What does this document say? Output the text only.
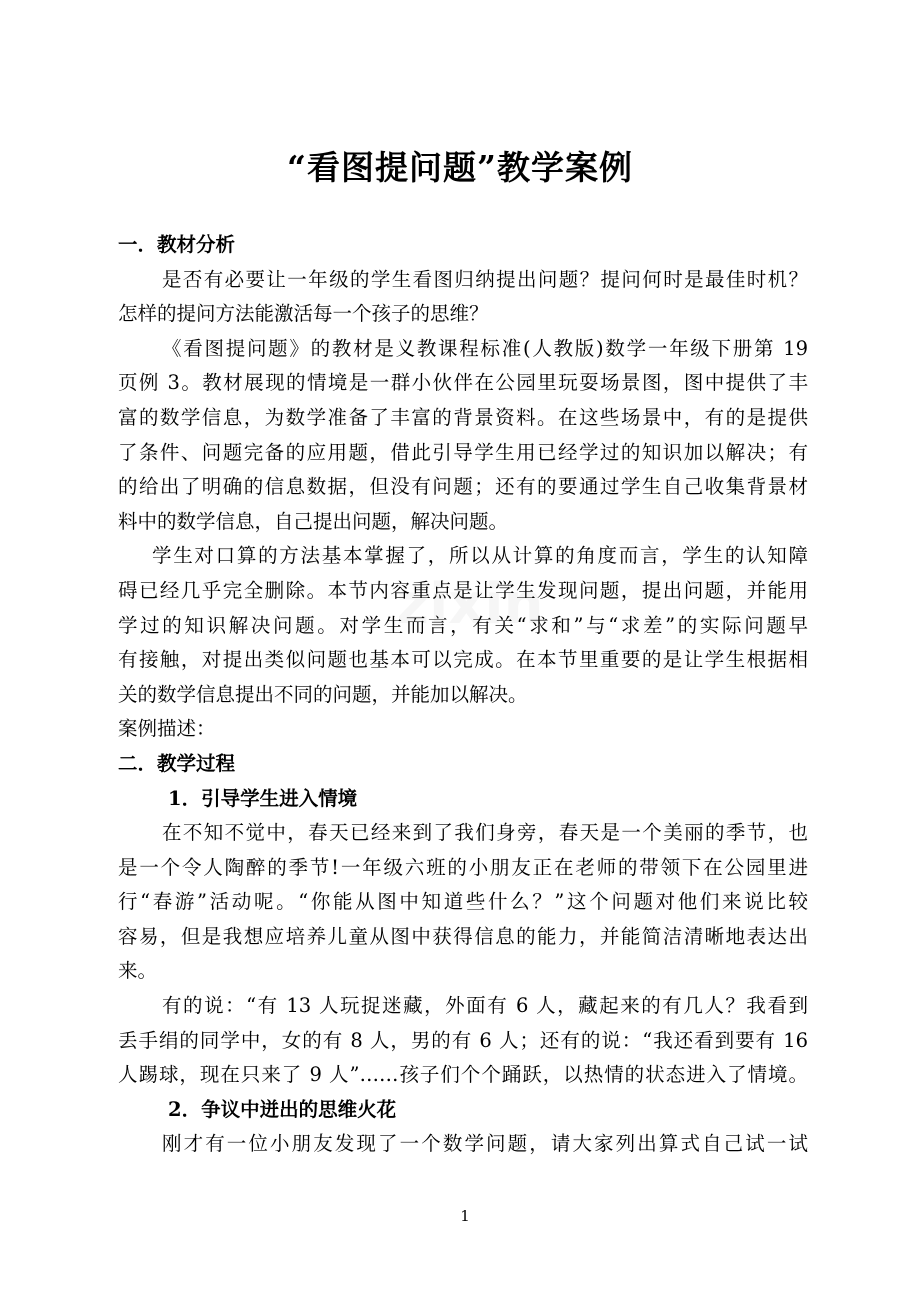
“看图提问题”教学案例
一．教材分析
是否有必要让一年级的学生看图归纳提出问题？提问何时是最佳时机？
怎样的提问方法能激活每一个孩子的思维？
《看图提问题》的教材是义教课程标准(人教版)数学一年级下册第 19
页例 3。教材展现的情境是一群小伙伴在公园里玩耍场景图，图中提供了丰
富的数学信息，为数学准备了丰富的背景资料。在这些场景中，有的是提供
了条件、问题完备的应用题，借此引导学生用已经学过的知识加以解决；有
的给出了明确的信息数据，但没有问题；还有的要通过学生自己收集背景材
料中的数学信息，自己提出问题，解决问题。
学生对口算的方法基本掌握了，所以从计算的角度而言，学生的认知障
碍已经几乎完全删除。本节内容重点是让学生发现问题，提出问题，并能用
学过的知识解决问题。对学生而言，有关“求和”与“求差”的实际问题早
有接触，对提出类似问题也基本可以完成。在本节里重要的是让学生根据相
关的数学信息提出不同的问题，并能加以解决。
案例描述：
二．教学过程
1．引导学生进入情境
在不知不觉中，春天已经来到了我们身旁，春天是一个美丽的季节，也
是一个令人陶醉的季节!一年级六班的小朋友正在老师的带领下在公园里进
行“春游”活动呢。“你能从图中知道些什么？”这个问题对他们来说比较
容易，但是我想应培养儿童从图中获得信息的能力，并能简洁清晰地表达出
来。
有的说：“有 13 人玩捉迷藏，外面有 6 人，藏起来的有几人？我看到
丢手绢的同学中，女的有 8 人，男的有 6 人；还有的说：“我还看到要有 16
人踢球，现在只来了 9 人”……孩子们个个踊跃，以热情的状态进入了情境。
2．争议中迸出的思维火花
刚才有一位小朋友发现了一个数学问题，请大家列出算式自己试一试
1
